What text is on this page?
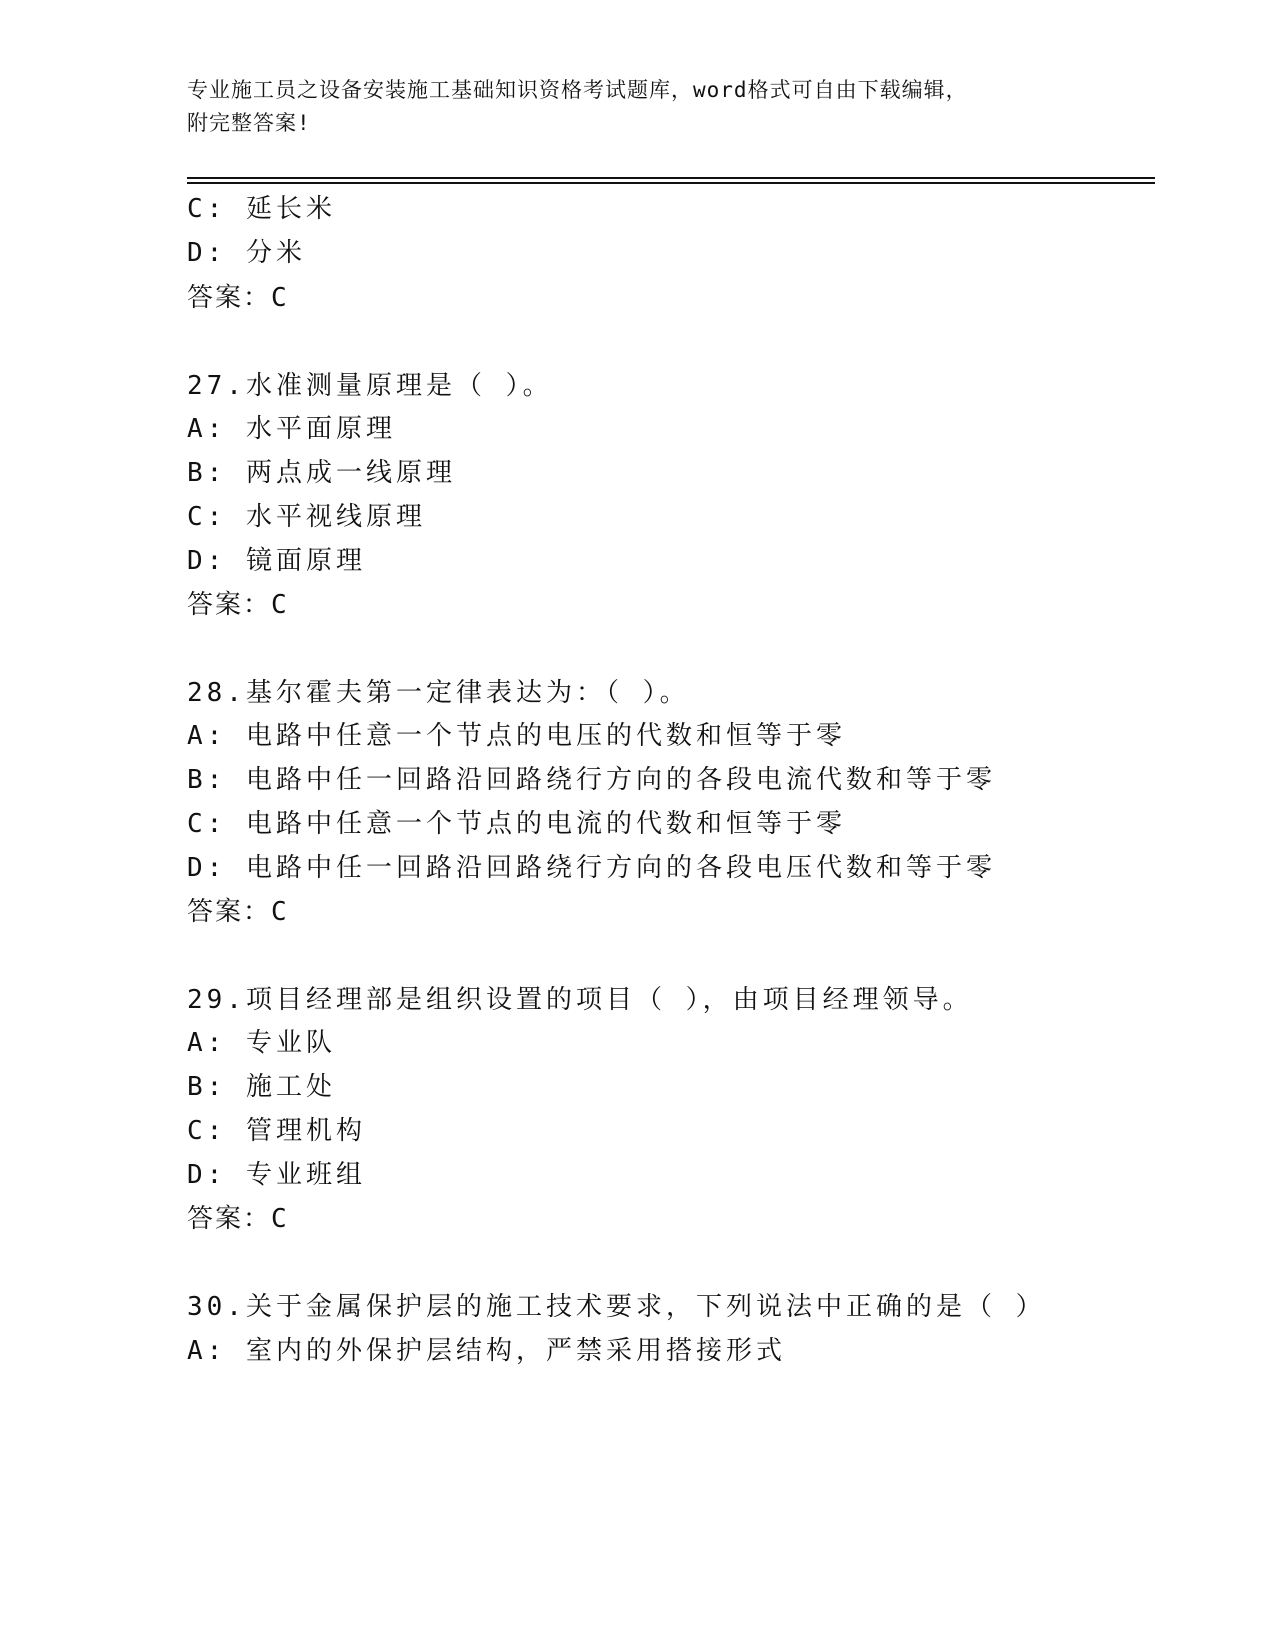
专业施工员之设备安装施工基础知识资格考试题库，word格式可自由下载编辑，
附完整答案!
C: 延长米
D: 分米
答案：C
27.水准测量原理是（ ）。
A: 水平面原理
B: 两点成一线原理
C: 水平视线原理
D: 镜面原理
答案：C
28.基尔霍夫第一定律表达为：（ ）。
A: 电路中任意一个节点的电压的代数和恒等于零
B: 电路中任一回路沿回路绕行方向的各段电流代数和等于零
C: 电路中任意一个节点的电流的代数和恒等于零
D: 电路中任一回路沿回路绕行方向的各段电压代数和等于零
答案：C
29.项目经理部是组织设置的项目（ ），由项目经理领导。
A: 专业队
B: 施工处
C: 管理机构
D: 专业班组
答案：C
30.关于金属保护层的施工技术要求，下列说法中正确的是（ ）
A: 室内的外保护层结构，严禁采用搭接形式
